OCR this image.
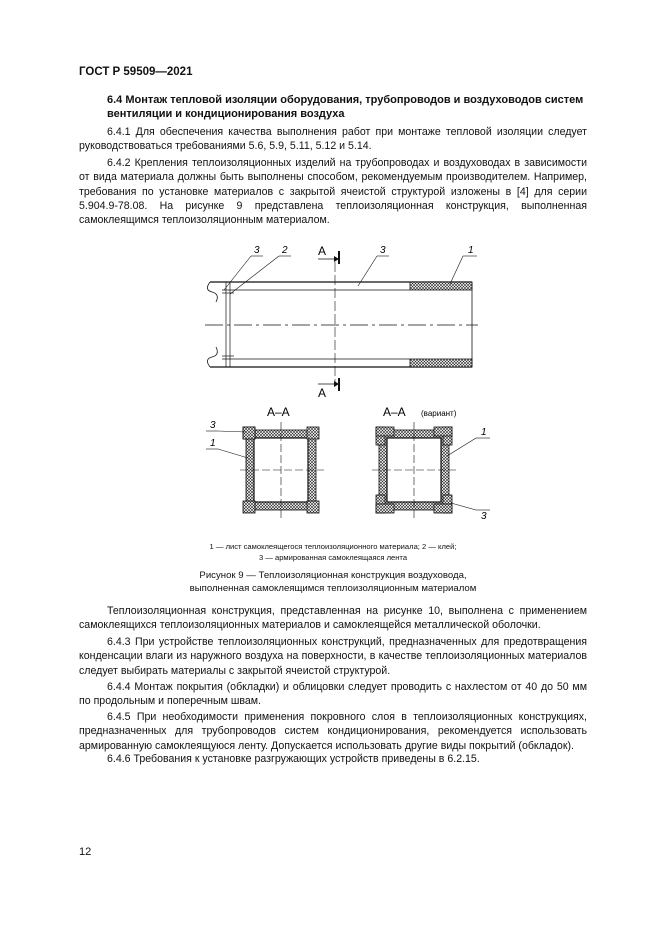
ГОСТ Р 59509—2021
6.4 Монтаж тепловой изоляции оборудования, трубопроводов и воздуховодов систем вентиляции и кондиционирования воздуха
6.4.1 Для обеспечения качества выполнения работ при монтаже тепловой изоляции следует руководствоваться требованиями 5.6, 5.9, 5.11, 5.12 и 5.14.
6.4.2 Крепления теплоизоляционных изделий на трубопроводах и воздуховодах в зависимости от вида материала должны быть выполнены способом, рекомендуемым производителем. Например, требования по установке материалов с закрытой ячеистой структурой изложены в [4] для серии 5.904.9-78.08. На рисунке 9 представлена теплоизоляционная конструкция, выполненная самоклеящимся теплоизоляционным материалом.
A
A
3 2	3	1
А–А
3
1
А–А (вариант)
1
3
1 — лист самоклеящегося теплоизоляционного материала; 2 — клей;
3 — армированная самоклеящаяся лента
Рисунок 9 — Теплоизоляционная конструкция воздуховода,
выполненная самоклеящимся теплоизоляционным материалом
Теплоизоляционная конструкция, представленная на рисунке 10, выполнена с применением самоклеящихся теплоизоляционных материалов и самоклеящейся металлической оболочки.
6.4.3 При устройстве теплоизоляционных конструкций, предназначенных для предотвращения конденсации влаги из наружного воздуха на поверхности, в качестве теплоизоляционных материалов следует выбирать материалы с закрытой ячеистой структурой.
6.4.4 Монтаж покрытия (обкладки) и облицовки следует проводить с нахлестом от 40 до 50 мм по продольным и поперечным швам.
6.4.5 При необходимости применения покровного слоя в теплоизоляционных конструкциях, предназначенных для трубопроводов систем кондиционирования, рекомендуется использовать армированную самоклеящуюся ленту. Допускается использовать другие виды покрытий (обкладок).
6.4.6 Требования к установке разгружающих устройств приведены в 6.2.15.
12
